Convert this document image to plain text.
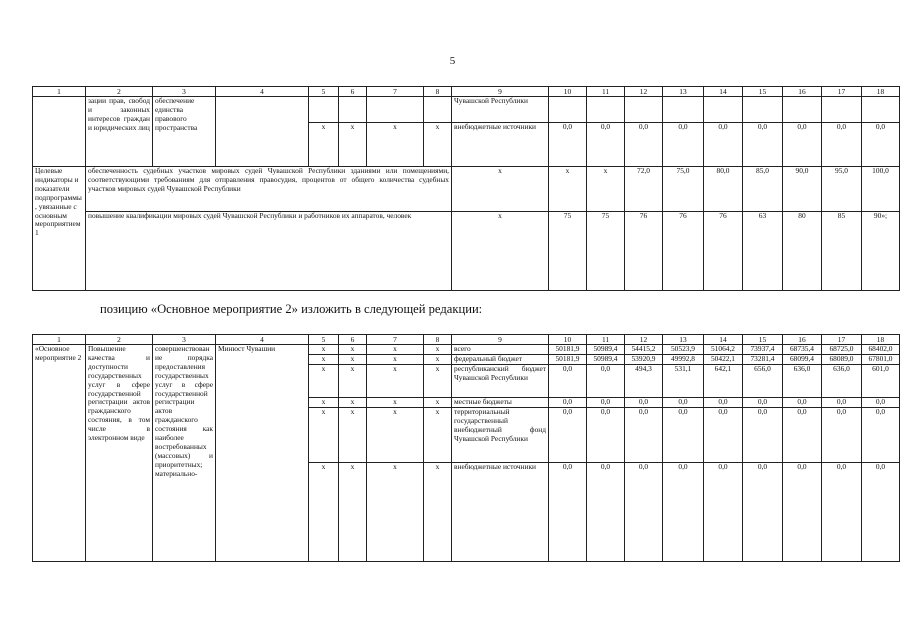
5
1	2	3	4	5	6	7	8	9	10	11	12	13	14	15	16	17	18
	зации прав, свобод и законных интересов граждан и юридических лиц	обеспечение единства правового пространства						Чувашской Республики									
				х	х	х	х	внебюджетные источники	0,0	0,0	0,0	0,0	0,0	0,0	0,0	0,0	0,0
Целевые индикаторы и показатели подпрограммы, увязанные с основным мероприятием 1	обеспеченность судебных участков мировых судей Чувашской Республики зданиями или помещениями, соответствующими требованиям для отправления правосудия, процентов от общего количества судебных участков мировых судей Чувашской Республики							х	х	х	72,0	75,0	80,0	85,0	90,0	95,0	100,0
	повышение квалификации мировых судей Чувашской Республики и работников их аппаратов, человек							х	75	75	76	76	76	63	80	85	90»;
позицию «Основное мероприятие 2» изложить в следующей редакции:
1	2	3	4	5	6	7	8	9	10	11	12	13	14	15	16	17	18
«Основное мероприятие 2	Повышение качества и доступности государственных услуг в сфере государственной регистрации актов гражданского состояния, в том числе в электронном виде	совершенствование порядка предоставления государственных услуг в сфере государственной регистрации актов гражданского состояния как наиболее востребованных (массовых) и приоритетных; материально-	Минюст Чувашии	х	х	х	х	всего	50181,9	50989,4	54415,2	50523,9	51064,2	73937,4	68735,4	68725,0	68402,0
				х	х	х	х	федеральный бюджет	50181,9	50989,4	53920,9	49992,8	50422,1	73281,4	68099,4	68089,0	67801,0
				х	х	х	х	республиканский бюджет Чувашской Республики	0,0	0,0	494,3	531,1	642,1	656,0	636,0	636,0	601,0
				х	х	х	х	местные бюджеты	0,0	0,0	0,0	0,0	0,0	0,0	0,0	0,0	0,0
				х	х	х	х	территориальный государственный внебюджетный фонд Чувашской Республики	0,0	0,0	0,0	0,0	0,0	0,0	0,0	0,0	0,0
				х	х	х	х	внебюджетные источники	0,0	0,0	0,0	0,0	0,0	0,0	0,0	0,0	0,0
